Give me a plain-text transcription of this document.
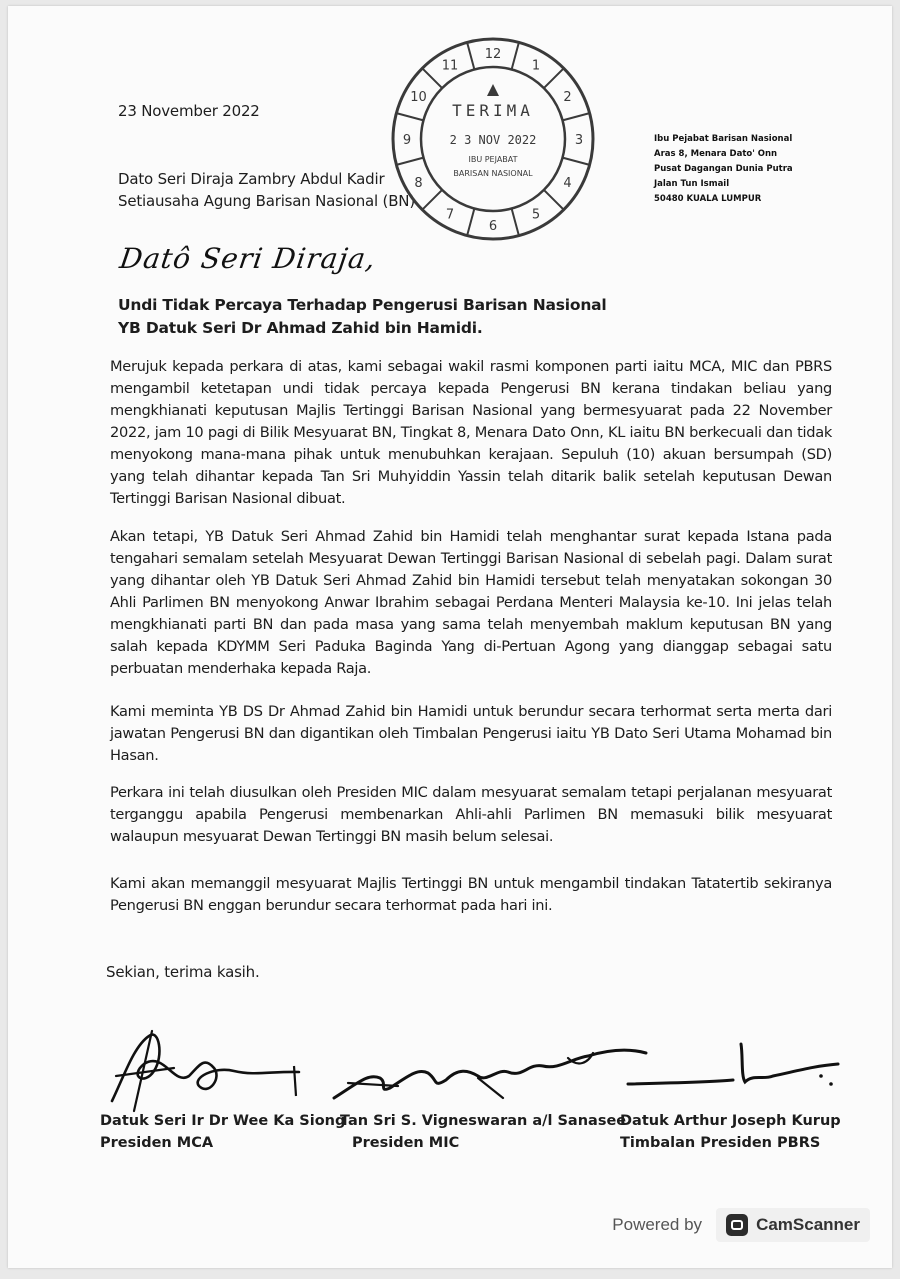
23 November 2022
Dato Seri Diraja Zambry Abdul Kadir
Setiausaha Agung Barisan Nasional (BN)
1
2
3
4
5
6
7
8
9
10
11
12
TERIMA
2 3 NOV 2022
IBU PEJABAT
BARISAN NASIONAL
Ibu Pejabat Barisan Nasional
Aras 8, Menara Dato' Onn
Pusat Dagangan Dunia Putra
Jalan Tun Ismail
50480 KUALA LUMPUR
Datô Seri Diraja,
Undi Tidak Percaya Terhadap Pengerusi Barisan Nasional
YB Datuk Seri Dr Ahmad Zahid bin Hamidi.
Merujuk kepada perkara di atas, kami sebagai wakil rasmi komponen parti iaitu MCA, MIC dan PBRS mengambil ketetapan undi tidak percaya kepada Pengerusi BN kerana tindakan beliau yang mengkhianati keputusan Majlis Tertinggi Barisan Nasional yang bermesyuarat pada 22 November 2022, jam 10 pagi di Bilik Mesyuarat BN, Tingkat 8, Menara Dato Onn, KL iaitu BN berkecuali dan tidak menyokong mana-mana pihak untuk menubuhkan kerajaan. Sepuluh (10) akuan bersumpah (SD) yang telah dihantar kepada Tan Sri Muhyiddin Yassin telah ditarik balik setelah keputusan Dewan Tertinggi Barisan Nasional dibuat.
Akan tetapi, YB Datuk Seri Ahmad Zahid bin Hamidi telah menghantar surat kepada Istana pada tengahari semalam setelah Mesyuarat Dewan Tertinggi Barisan Nasional di sebelah pagi. Dalam surat yang dihantar oleh YB Datuk Seri Ahmad Zahid bin Hamidi tersebut telah menyatakan sokongan 30 Ahli Parlimen BN menyokong Anwar Ibrahim sebagai Perdana Menteri Malaysia ke-10. Ini jelas telah mengkhianati parti BN dan pada masa yang sama telah menyembah maklum keputusan BN yang salah kepada KDYMM Seri Paduka Baginda Yang di-Pertuan Agong yang dianggap sebagai satu perbuatan menderhaka kepada Raja.
Kami meminta YB DS Dr Ahmad Zahid bin Hamidi untuk berundur secara terhormat serta merta dari jawatan Pengerusi BN dan digantikan oleh Timbalan Pengerusi iaitu YB Dato Seri Utama Mohamad bin Hasan.
Perkara ini telah diusulkan oleh Presiden MIC dalam mesyuarat semalam tetapi perjalanan mesyuarat terganggu apabila Pengerusi membenarkan Ahli-ahli Parlimen BN memasuki bilik mesyuarat walaupun mesyuarat Dewan Tertinggi BN masih belum selesai.
Kami akan memanggil mesyuarat Majlis Tertinggi BN untuk mengambil tindakan Tatatertib sekiranya Pengerusi BN enggan berundur secara terhormat pada hari ini.
Sekian, terima kasih.
Datuk Seri Ir Dr Wee Ka Siong
Presiden MCA
Tan Sri S. Vigneswaran a/l Sanasee
Presiden MIC
Datuk Arthur Joseph Kurup
Timbalan Presiden PBRS
Powered by	CamScanner
